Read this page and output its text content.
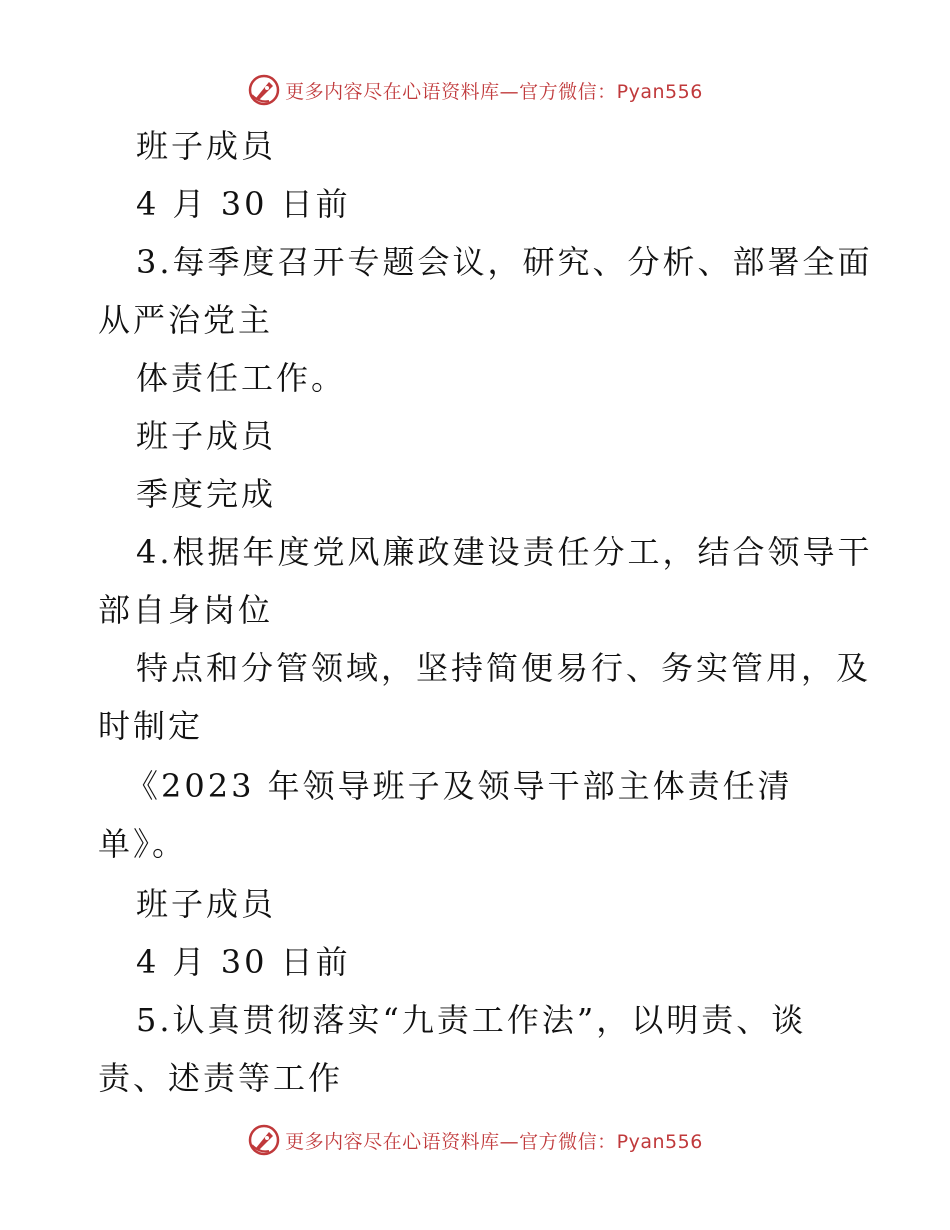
更多内容尽在心语资料库—官方微信：Pyan556
班子成员
4 月 30 日前
3.每季度召开专题会议，研究、分析、部署全面
从严治党主
体责任工作。
班子成员
季度完成
4.根据年度党风廉政建设责任分工，结合领导干
部自身岗位
特点和分管领域，坚持简便易行、务实管用，及
时制定
《2023 年领导班子及领导干部主体责任清
单》。
班子成员
4 月 30 日前
5.认真贯彻落实“九责工作法”，以明责、谈
责、述责等工作
更多内容尽在心语资料库—官方微信：Pyan556
